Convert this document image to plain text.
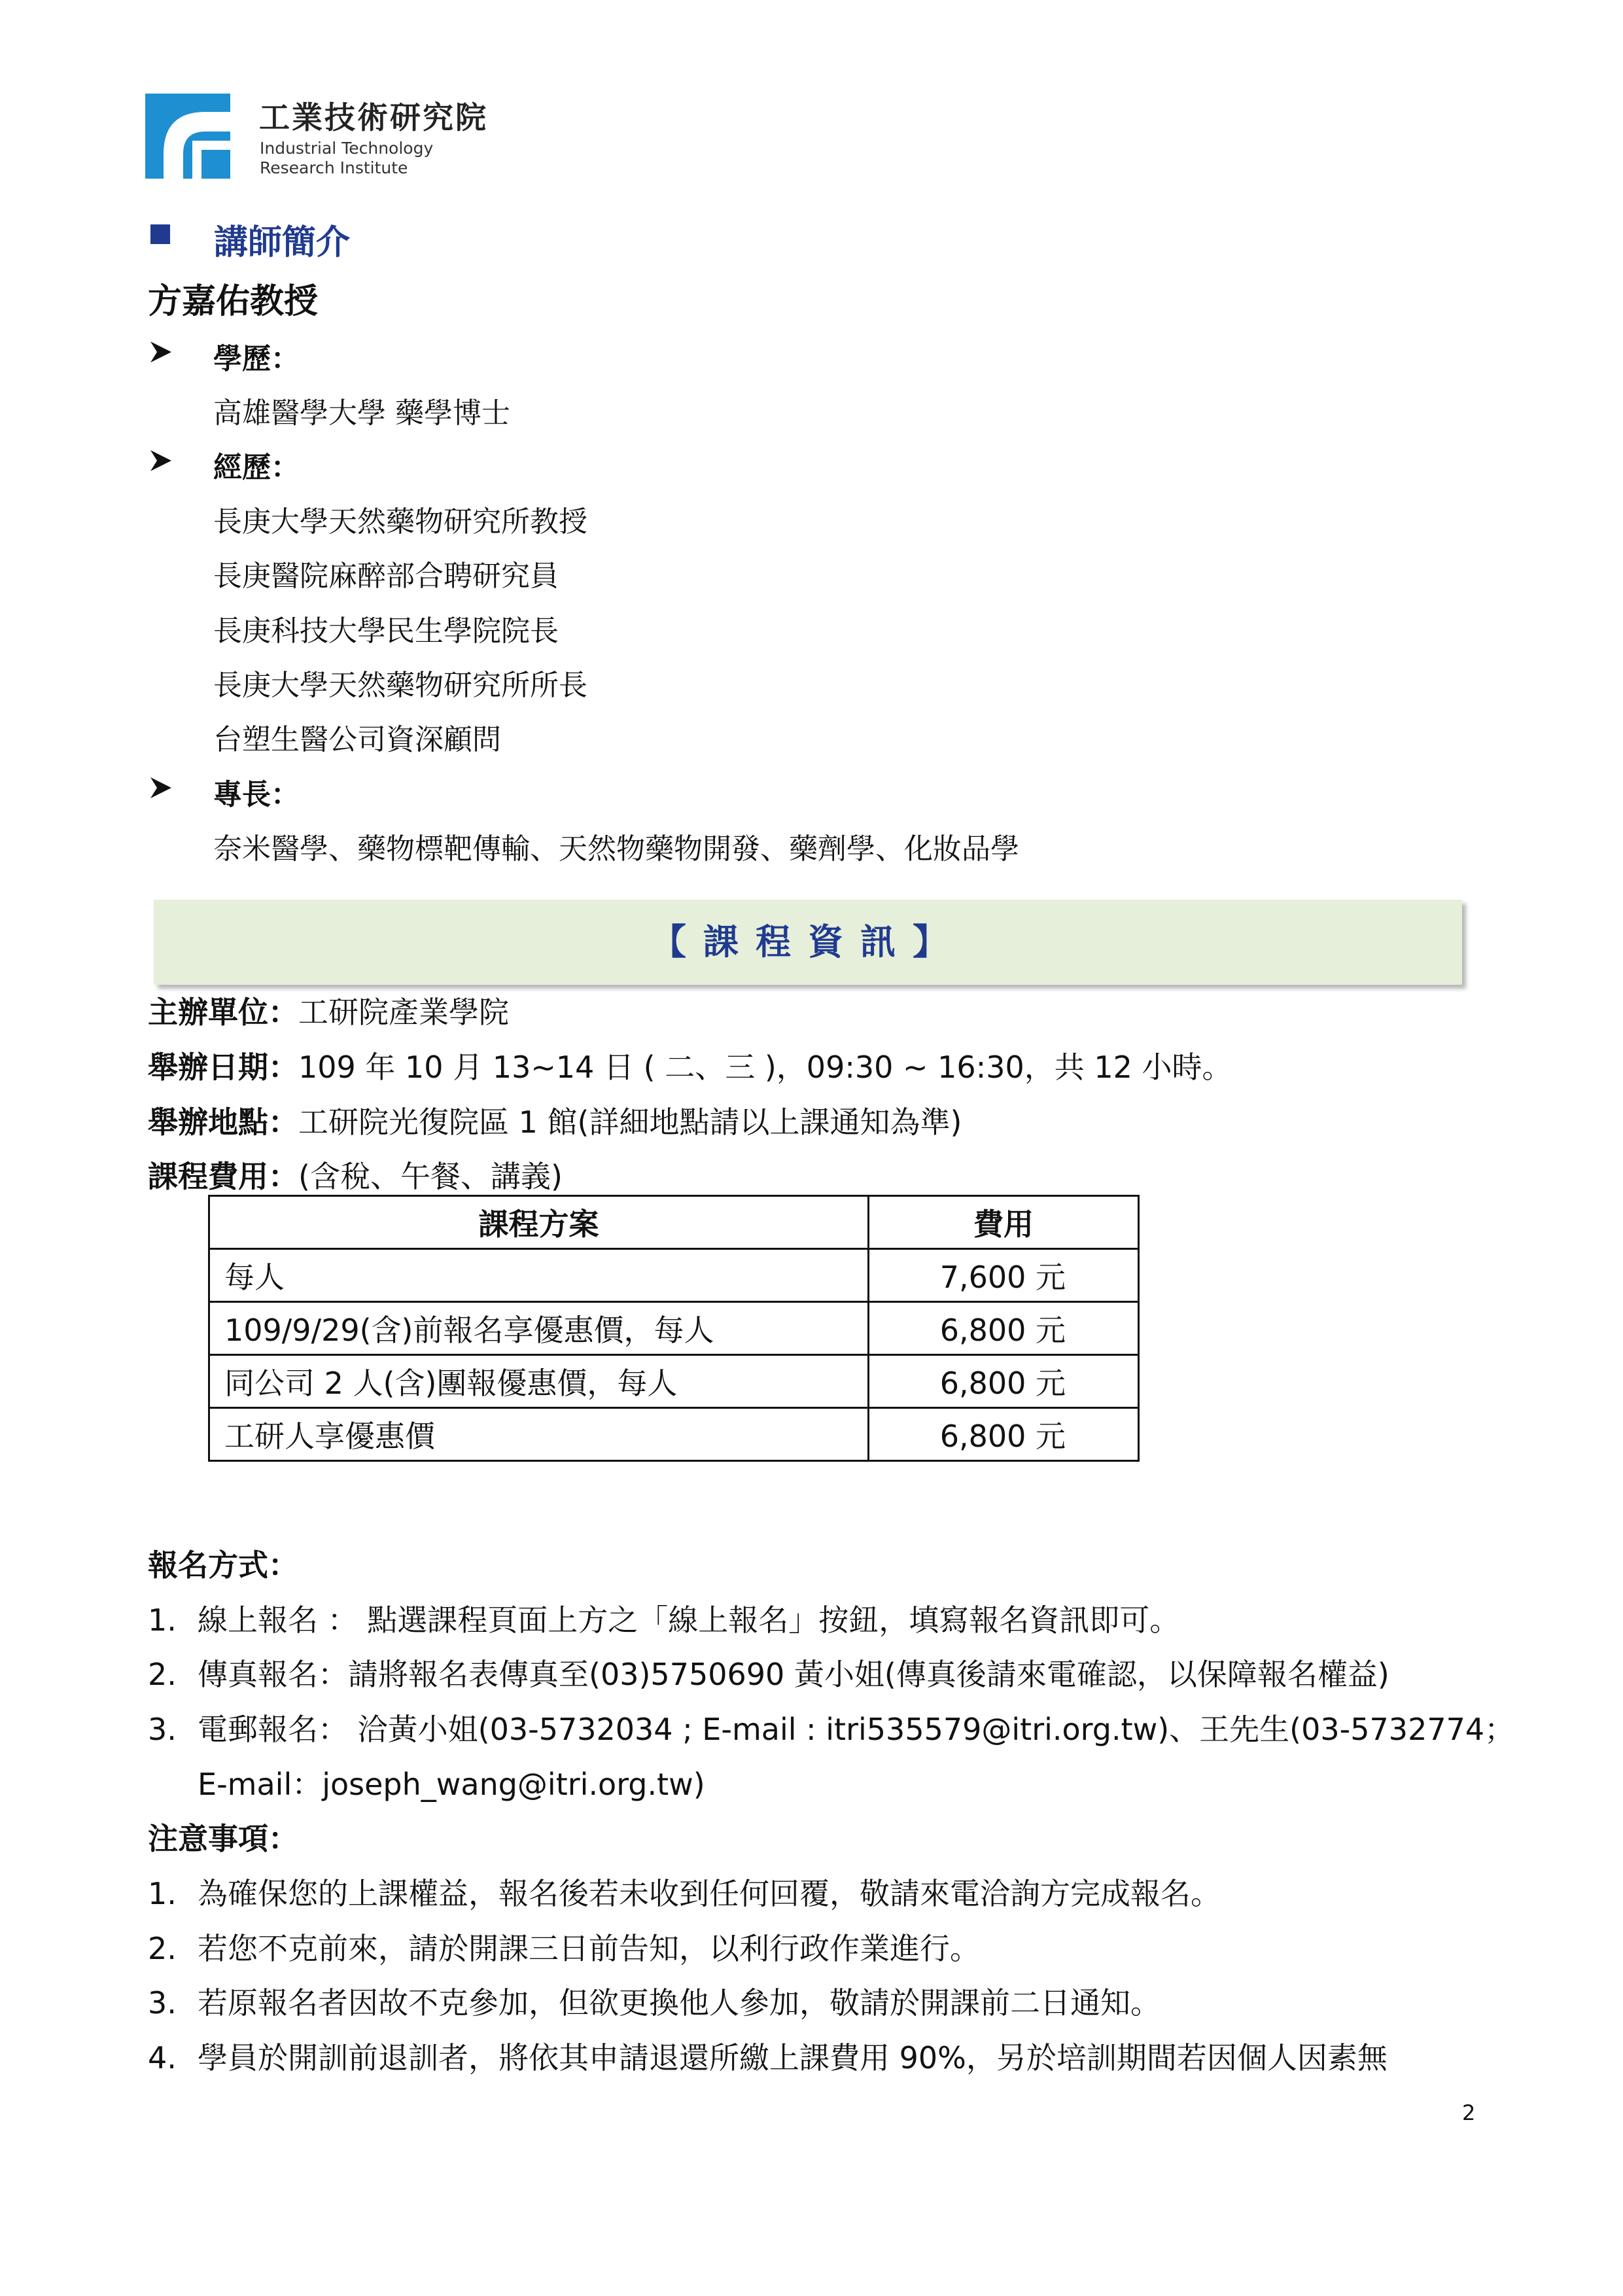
工業技術研究院
Industrial Technology
Research Institute
講師簡介
方嘉佑教授
學歷：
高雄醫學大學 藥學博士
經歷：
長庚大學天然藥物研究所教授
長庚醫院麻醉部合聘研究員
長庚科技大學民生學院院長
長庚大學天然藥物研究所所長
台塑生醫公司資深顧問
專長：
奈米醫學、藥物標靶傳輸、天然物藥物開發、藥劑學、化妝品學
【課程資訊】
主辦單位：工研院產業學院
舉辦日期：109 年 10 月 13~14 日 ( 二、三 )，09:30 ~ 16:30，共 12 小時。
舉辦地點：工研院光復院區 1 館(詳細地點請以上課通知為準)
課程費用：(含稅、午餐、講義)
課程方案	費用
每人	7,600 元
109/9/29(含)前報名享優惠價，每人	6,800 元
同公司 2 人(含)團報優惠價，每人	6,800 元
工研人享優惠價	6,800 元
報名方式：
1. 線上報名 ： 點選課程頁面上方之「線上報名」按鈕，填寫報名資訊即可。
2. 傳真報名：請將報名表傳真至(03)5750690 黃小姐(傳真後請來電確認，以保障報名權益)
3. 電郵報名： 洽黃小姐(03-5732034 ; E-mail : itri535579@itri.org.tw)、王先生(03-5732774；
E-mail：joseph_wang@itri.org.tw)
注意事項：
1. 為確保您的上課權益，報名後若未收到任何回覆，敬請來電洽詢方完成報名。
2. 若您不克前來，請於開課三日前告知，以利行政作業進行。
3. 若原報名者因故不克參加，但欲更換他人參加，敬請於開課前二日通知。
4. 學員於開訓前退訓者，將依其申請退還所繳上課費用 90%，另於培訓期間若因個人因素無
2
